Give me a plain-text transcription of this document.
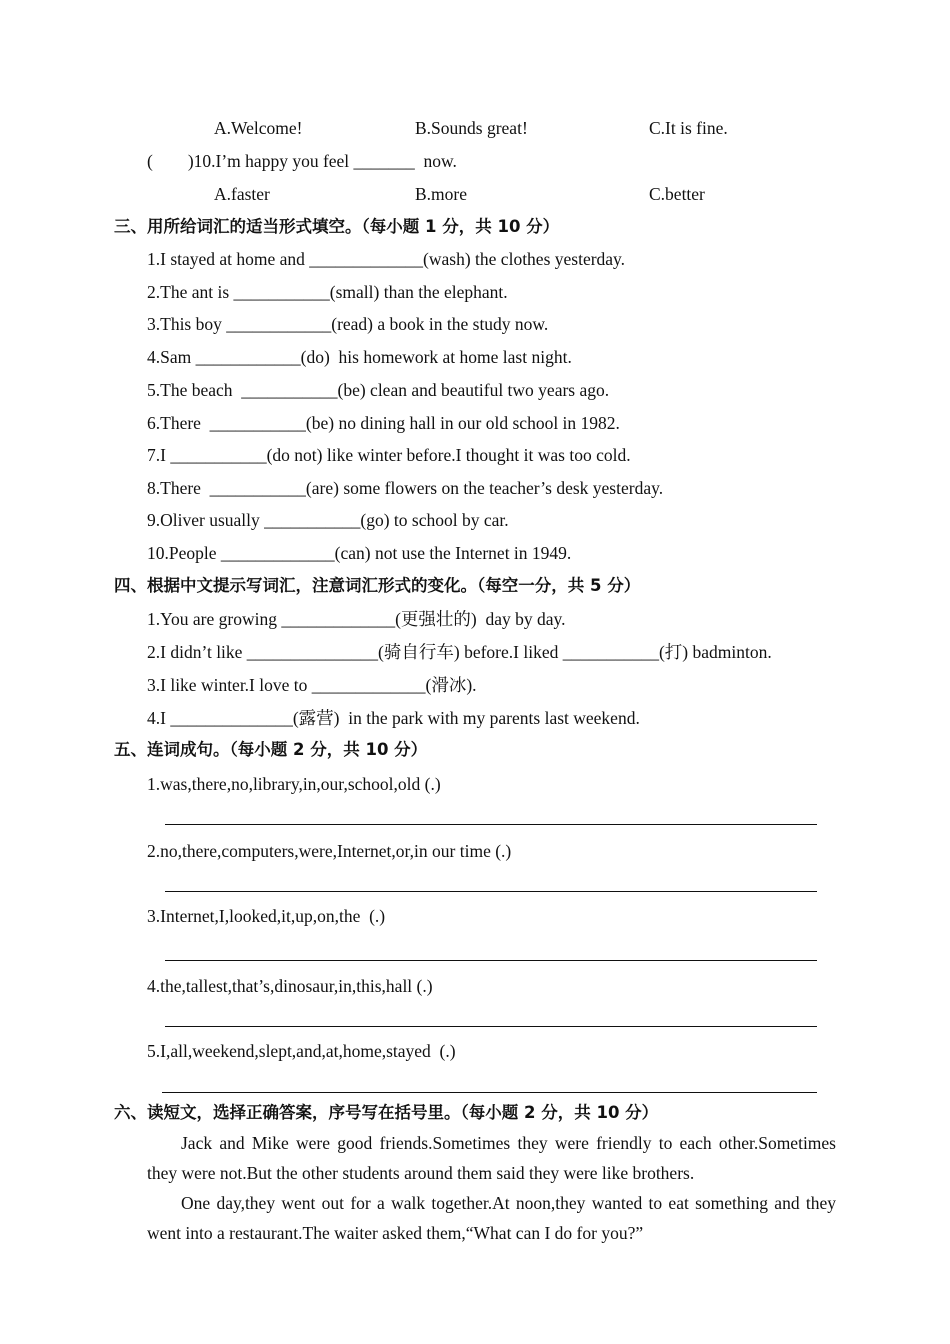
A.Welcome!	B.Sounds great!	C.It is fine.
(        )10.I’m happy you feel _______  now.
A.faster	B.more	C.better
三、用所给词汇的适当形式填空。（每小题 1 分，共 10 分）
1.I stayed at home and _____________(wash) the clothes yesterday.
2.The ant is ___________(small) than the elephant.
3.This boy ____________(read) a book in the study now.
4.Sam ____________(do)  his homework at home last night.
5.The beach  ___________(be) clean and beautiful two years ago.
6.There  ___________(be) no dining hall in our old school in 1982.
7.I ___________(do not) like winter before.I thought it was too cold.
8.There  ___________(are) some flowers on the teacher’s desk yesterday.
9.Oliver usually ___________(go) to school by car.
10.People _____________(can) not use the Internet in 1949.
四、根据中文提示写词汇，注意词汇形式的变化。（每空一分，共 5 分）
1.You are growing _____________(更强壮的)  day by day.
2.I didn’t like _______________(骑自行车) before.I liked ___________(打) badminton.
3.I like winter.I love to _____________(滑冰).
4.I ______________(露营)  in the park with my parents last weekend.
五、连词成句。（每小题 2 分，共 10 分）
1.was,there,no,library,in,our,school,old (.)
2.no,there,computers,were,Internet,or,in our time (.)
3.Internet,I,looked,it,up,on,the  (.)
4.the,tallest,that’s,dinosaur,in,this,hall (.)
5.I,all,weekend,slept,and,at,home,stayed  (.)
六、读短文，选择正确答案，序号写在括号里。（每小题 2 分，共 10 分）
Jack and Mike were good friends.Sometimes they were friendly to each other.Sometimes they were not.But the other students around them said they were like brothers.
One day,they went out for a walk together.At noon,they wanted to eat something and they went into a restaurant.The waiter asked them,“What can I do for you?”
